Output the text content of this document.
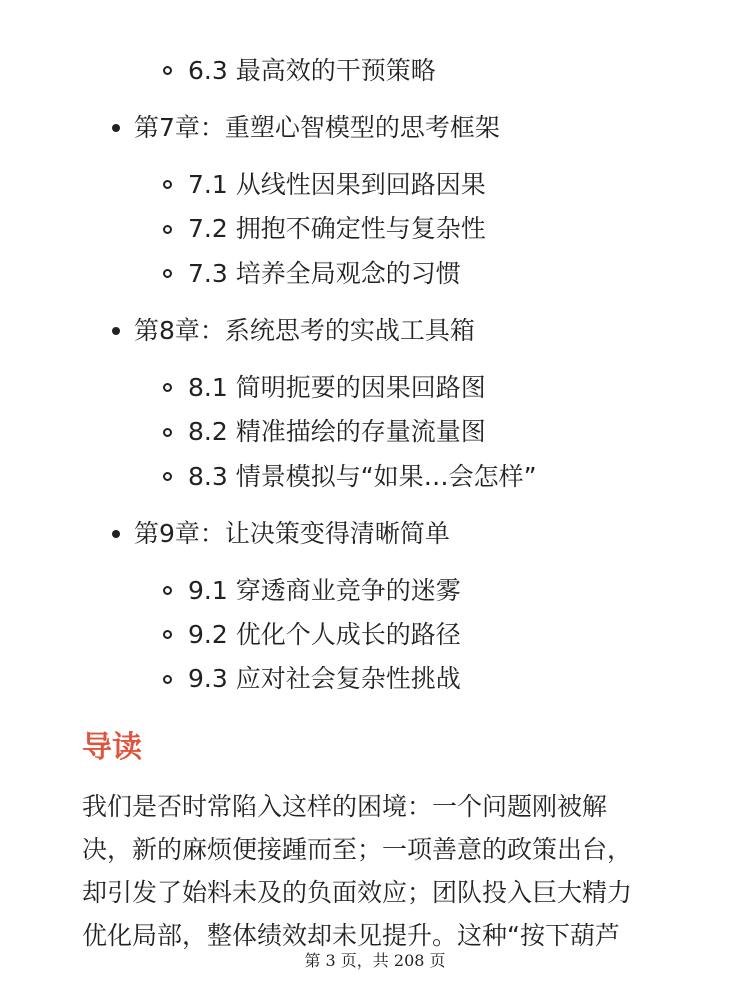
6.3 最高效的干预策略
第7章：重塑心智模型的思考框架
7.1 从线性因果到回路因果
7.2 拥抱不确定性与复杂性
7.3 培养全局观念的习惯
第8章：系统思考的实战工具箱
8.1 简明扼要的因果回路图
8.2 精准描绘的存量流量图
8.3 情景模拟与“如果…会怎样”
第9章：让决策变得清晰简单
9.1 穿透商业竞争的迷雾
9.2 优化个人成长的路径
9.3 应对社会复杂性挑战
导读
我们是否时常陷入这样的困境：一个问题刚被解
决，新的麻烦便接踵而至；一项善意的政策出台，
却引发了始料未及的负面效应；团队投入巨大精力
优化局部，整体绩效却未见提升。这种“按下葫芦
第 3 页，共 208 页
